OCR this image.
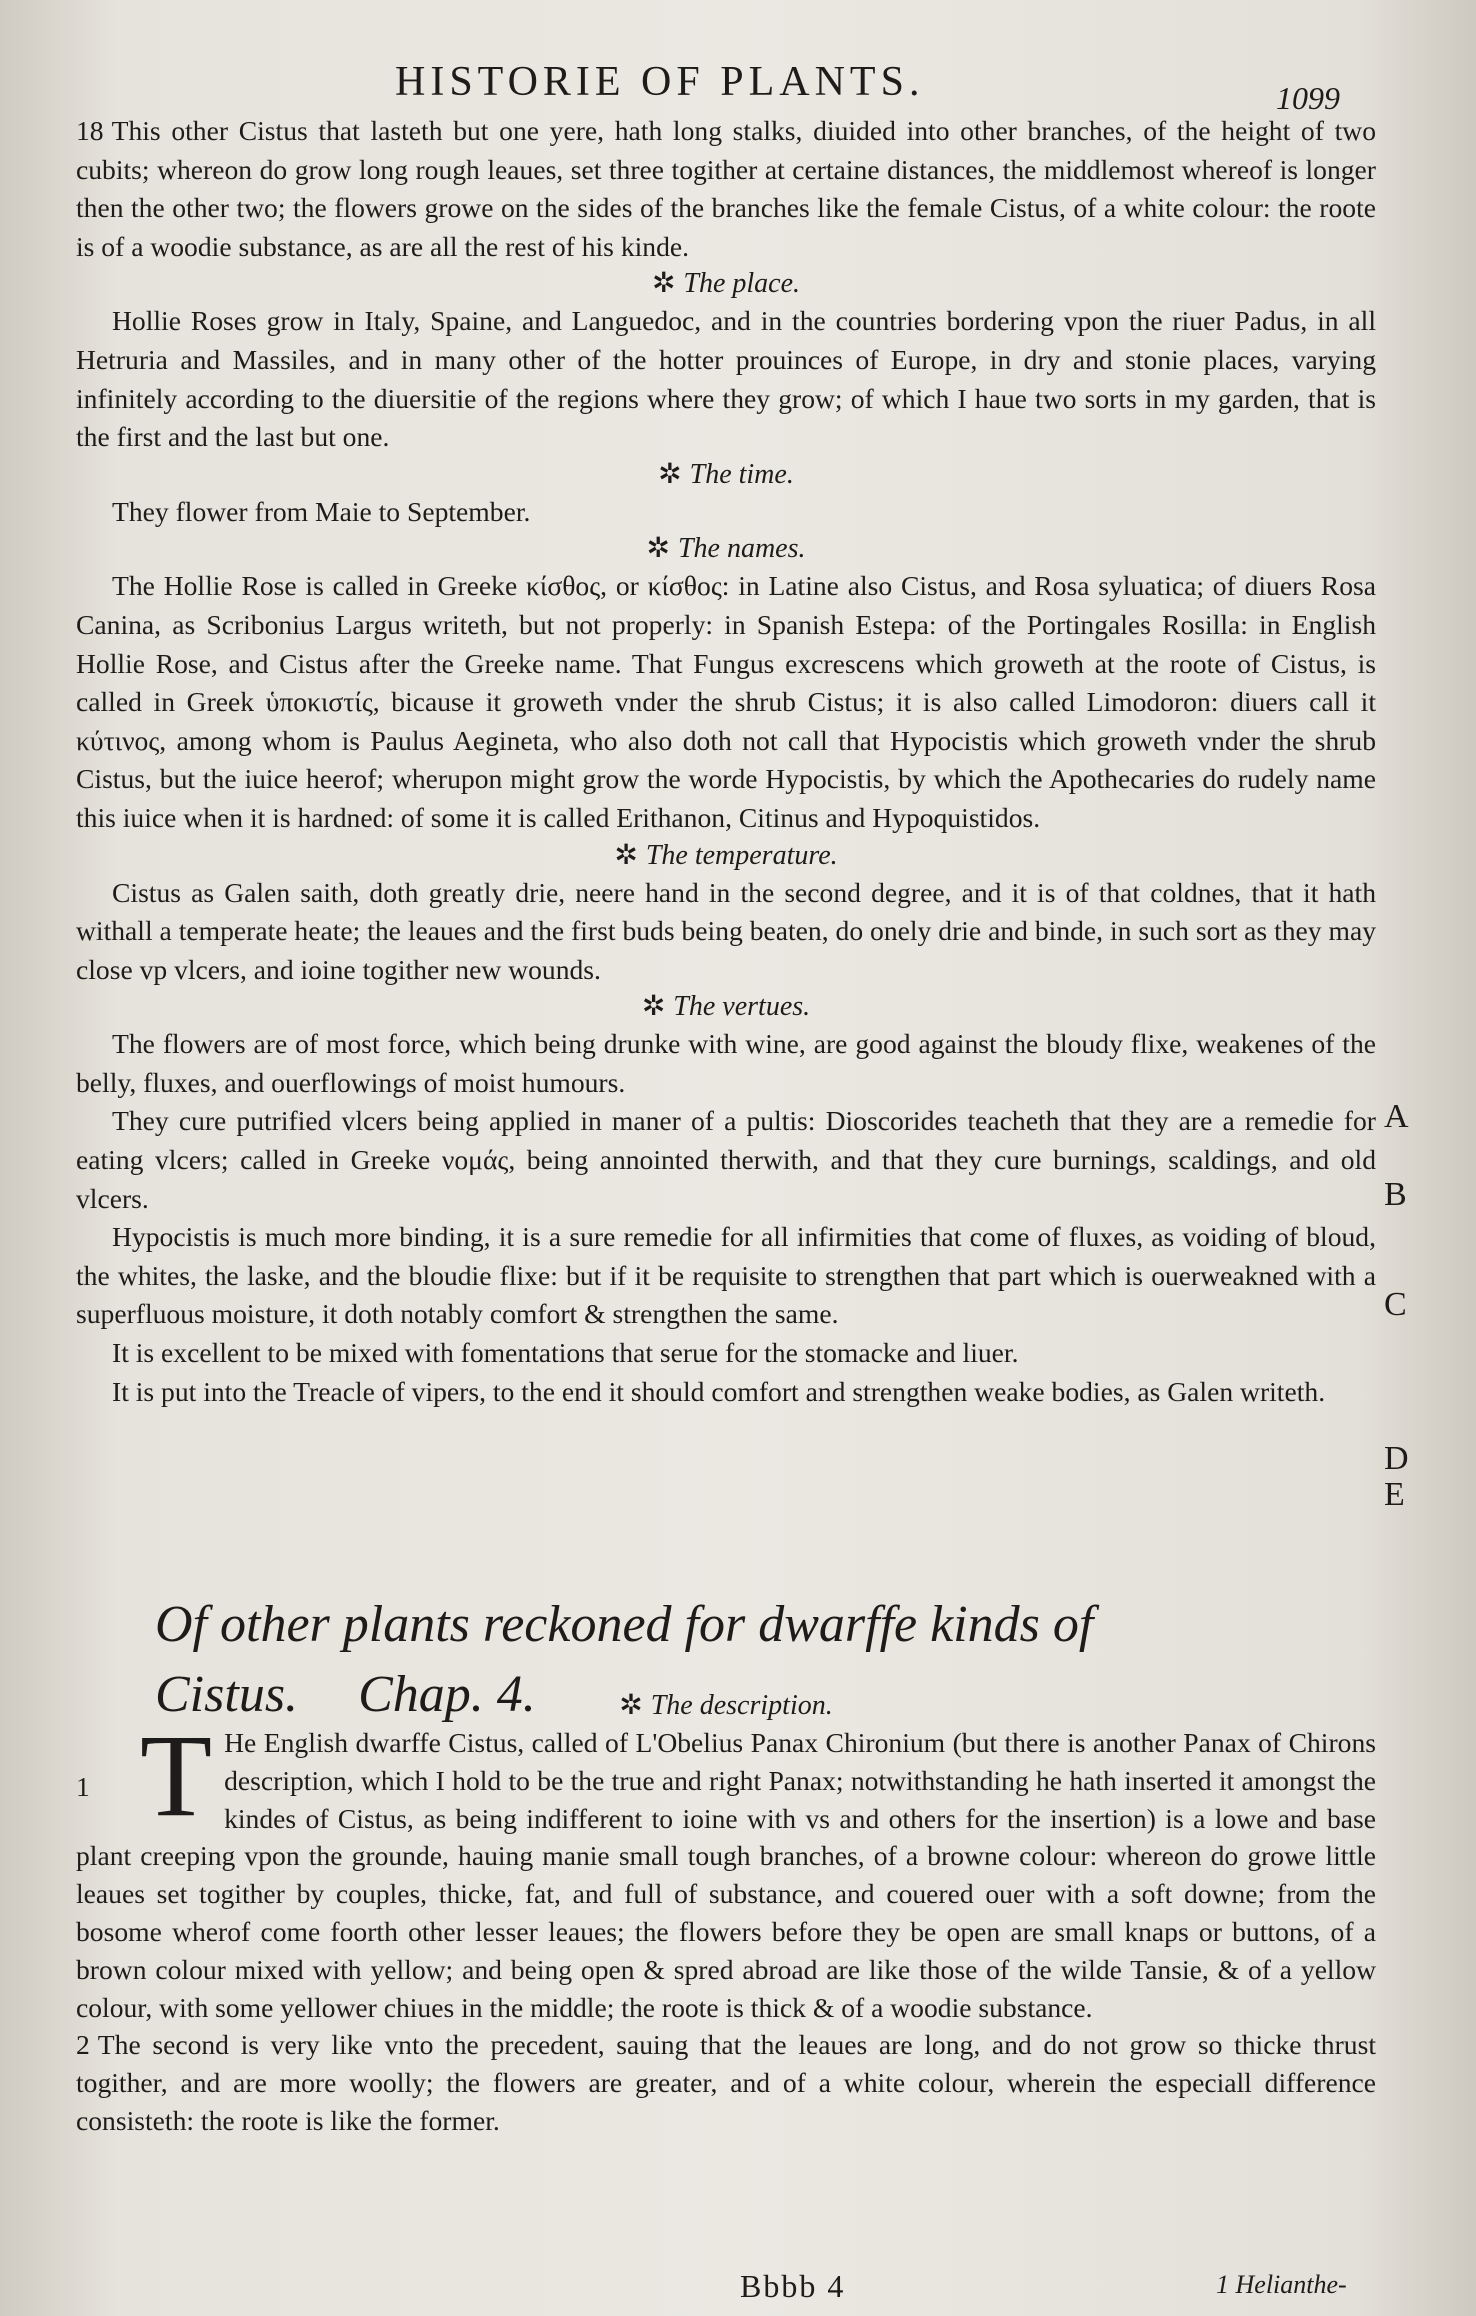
HISTORIE OF PLANTS.	1099

18 This other Cistus that lasteth but one yere, hath long stalks, diuided into other branches, of the height of two cubits; whereon do grow long rough leaues, set three togither at certaine distances, the middlemost whereof is longer then the other two; the flowers growe on the sides of the branches like the female Cistus, of a white colour: the roote is of a woodie substance, as are all the rest of his kinde.

✲ The place.

Hollie Roses grow in Italy, Spaine, and Languedoc, and in the countries bordering vpon the riuer Padus, in all Hetruria and Massiles, and in many other of the hotter prouinces of Europe, in dry and stonie places, varying infinitely according to the diuersitie of the regions where they grow; of which I haue two sorts in my garden, that is the first and the last but one.

✲ The time.

They flower from Maie to September.

✲ The names.

The Hollie Rose is called in Greeke κίσθος, or κίσθος: in Latine also Cistus, and Rosa syluatica; of diuers Rosa Canina, as Scribonius Largus writeth, but not properly: in Spanish Estepa: of the Portingales Rosilla: in English Hollie Rose, and Cistus after the Greeke name. That Fungus excrescens which groweth at the roote of Cistus, is called in Greek ὑποκιστίς, bicause it groweth vnder the shrub Cistus; it is also called Limodoron: diuers call it κύτινος, among whom is Paulus Aegineta, who also doth not call that Hypocistis which groweth vnder the shrub Cistus, but the iuice heerof; wherupon might grow the worde Hypocistis, by which the Apothecaries do rudely name this iuice when it is hardned: of some it is called Erithanon, Citinus and Hypoquistidos.

✲ The temperature.

Cistus as Galen saith, doth greatly drie, neere hand in the second degree, and it is of that coldnes, that it hath withall a temperate heate; the leaues and the first buds being beaten, do onely drie and binde, in such sort as they may close vp vlcers, and ioine togither new wounds.

✲ The vertues.

The flowers are of most force, which being drunke with wine, are good against the bloudy flixe, weakenes of the belly, fluxes, and ouerflowings of moist humours.

They cure putrified vlcers being applied in maner of a pultis: Dioscorides teacheth that they are a remedie for eating vlcers; called in Greeke νομάς, being annointed therwith, and that they cure burnings, scaldings, and old vlcers.

Hypocistis is much more binding, it is a sure remedie for all infirmities that come of fluxes, as voiding of bloud, the whites, the laske, and the bloudie flixe: but if it be requisite to strengthen that part which is ouerweakned with a superfluous moisture, it doth notably comfort & strengthen the same.

It is excellent to be mixed with fomentations that serue for the stomacke and liuer.

It is put into the Treacle of vipers, to the end it should comfort and strengthen weake bodies, as Galen writeth.

A
B
C
D
E
Of other plants reckoned for dwarffe kinds of Cistus. Chap. 4.	✲ The description.

1 T He English dwarffe Cistus, called of L'Obelius Panax Chironium (but there is another Panax of Chirons description, which I hold to be the true and right Panax; notwithstanding he hath inserted it amongst the kindes of Cistus, as being indifferent to ioine with vs and others for the insertion) is a lowe and base plant creeping vpon the grounde, hauing manie small tough branches, of a browne colour: whereon do growe little leaues set togither by couples, thicke, fat, and full of substance, and couered ouer with a soft downe; from the bosome wherof come foorth other lesser leaues; the flowers before they be open are small knaps or buttons, of a brown colour mixed with yellow; and being open & spred abroad are like those of the wilde Tansie, & of a yellow colour, with some yellower chiues in the middle; the roote is thick & of a woodie substance.

2 The second is very like vnto the precedent, sauing that the leaues are long, and do not grow so thicke thrust togither, and are more woolly; the flowers are greater, and of a white colour, wherein the especiall difference consisteth: the roote is like the former.

Bbbb 4	1 Helianthe-
